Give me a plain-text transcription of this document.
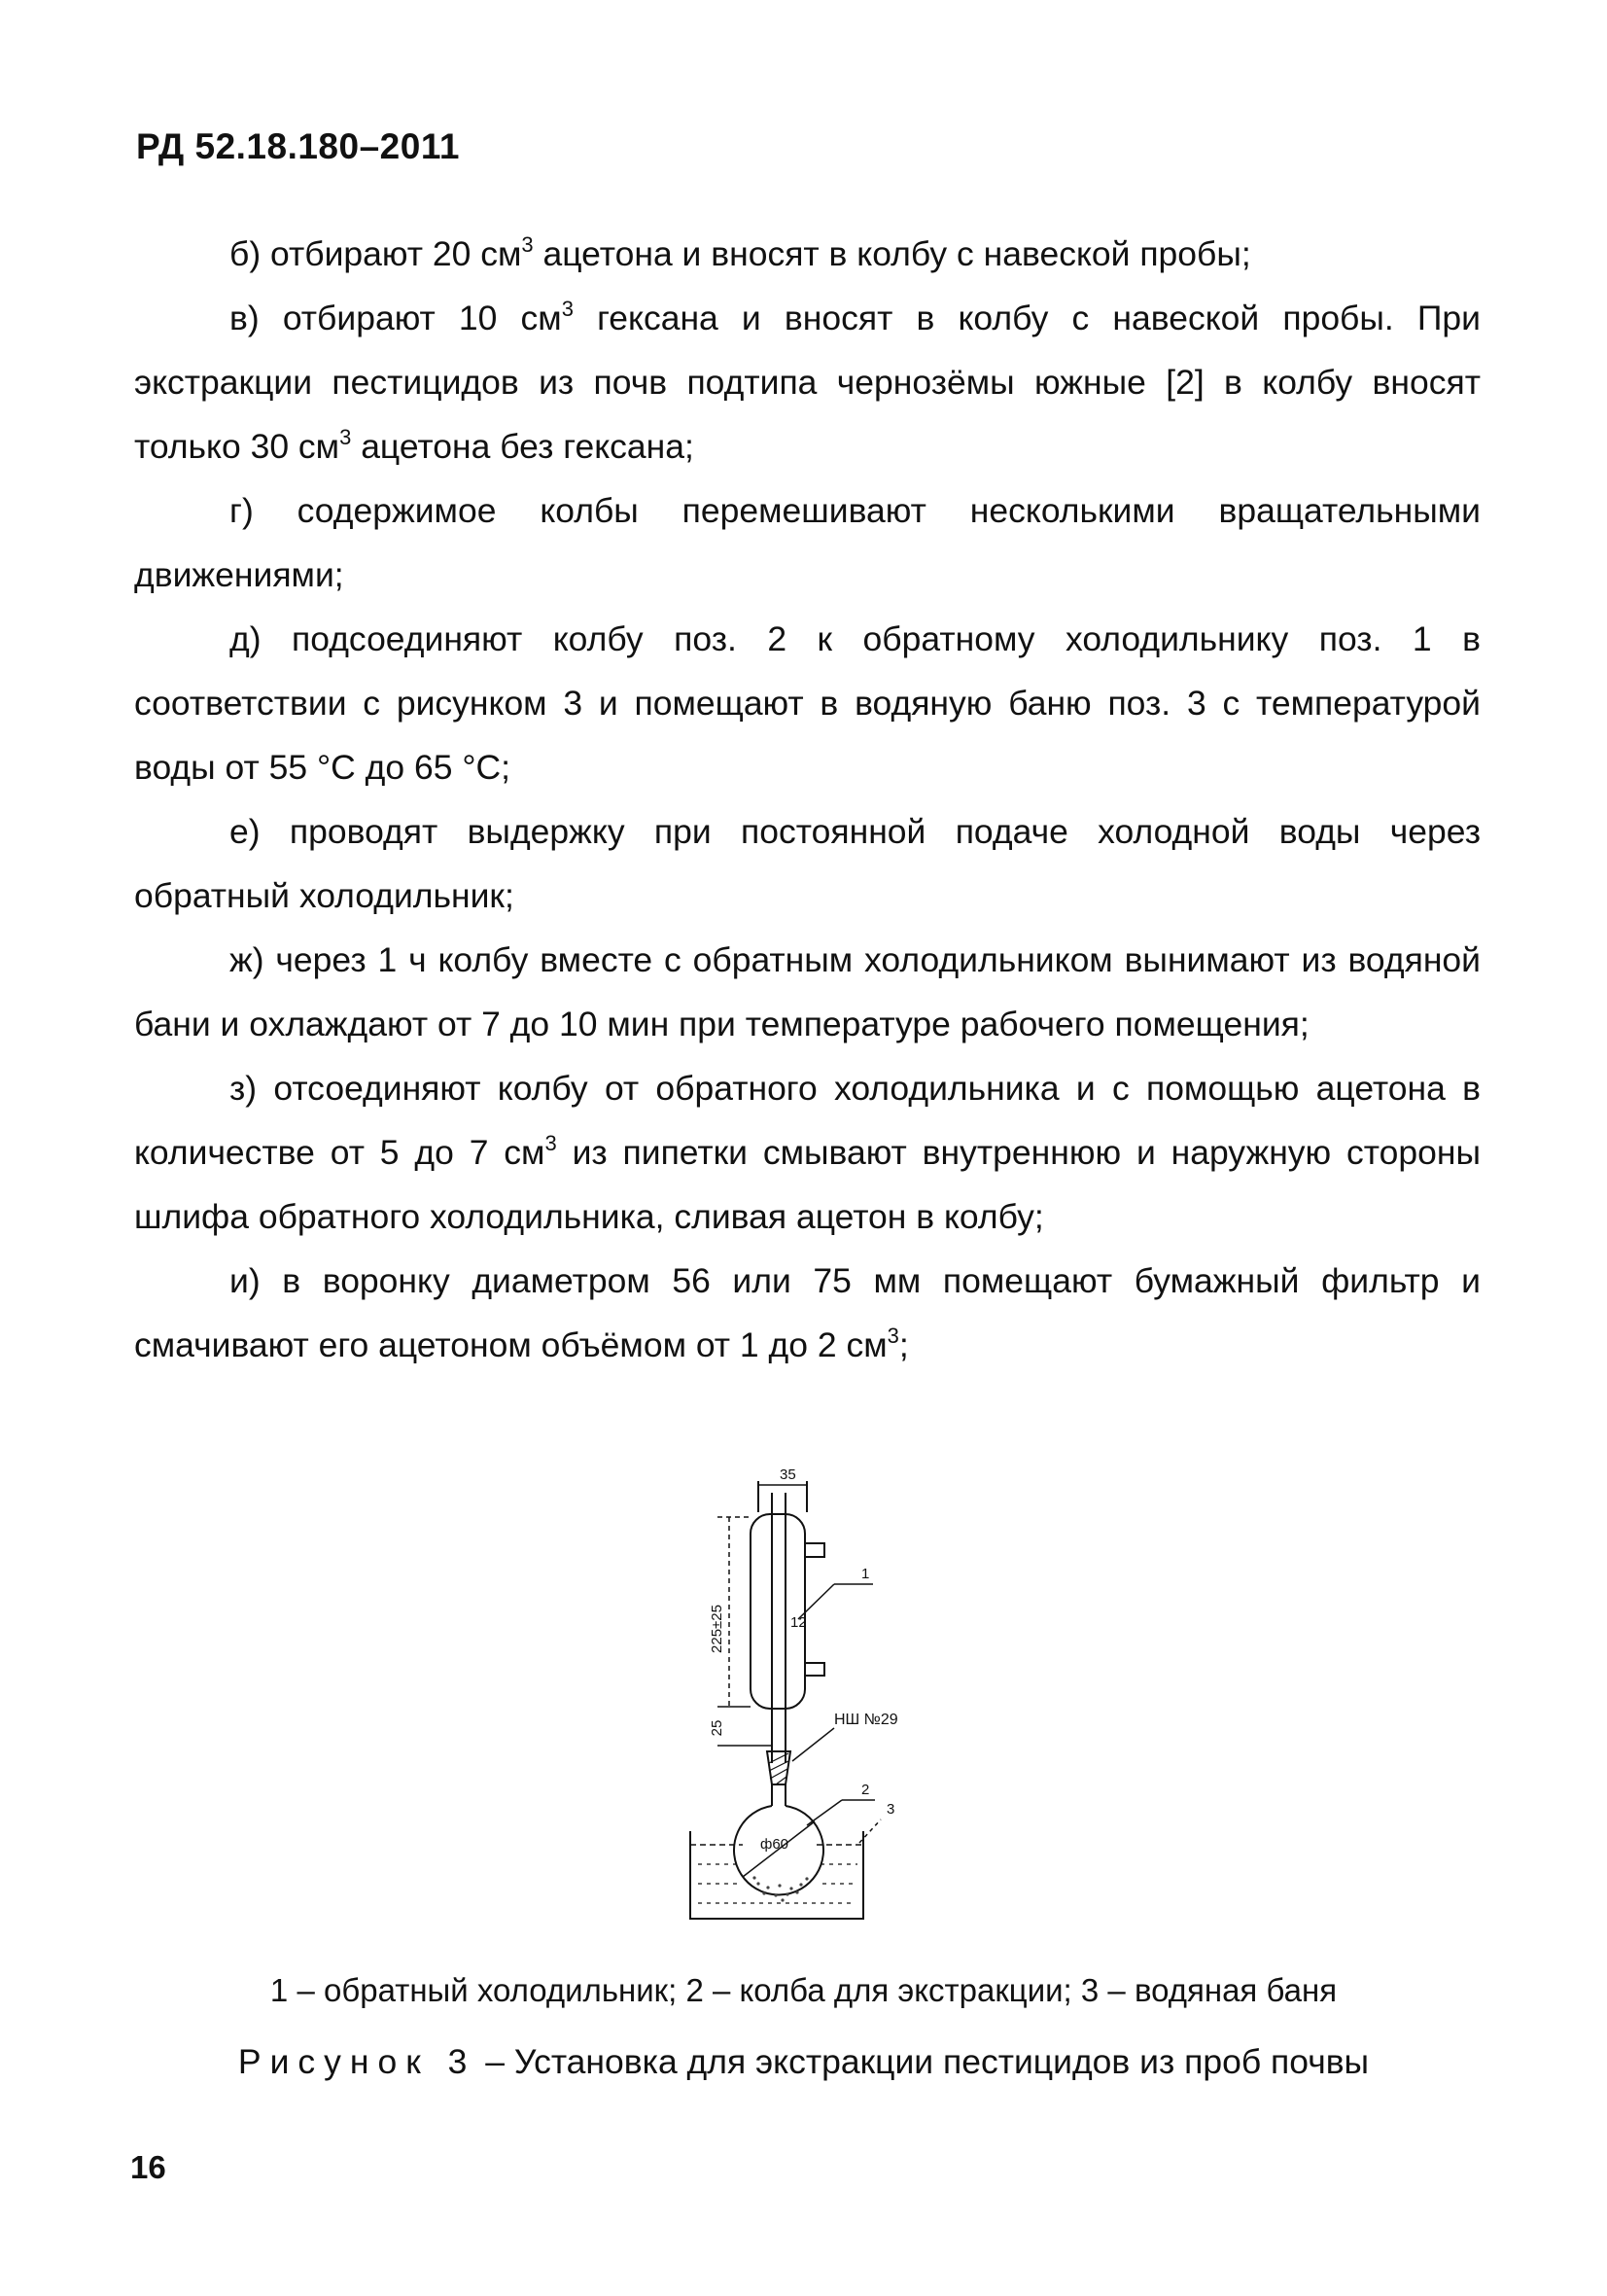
РД 52.18.180–2011

б) отбирают 20 $см^3$ ацетона и вносят в колбу с навеской пробы;

в) отбирают 10 $см^3$ гексана и вносят в колбу с навеской пробы. При экстракции пестицидов из почв подтипа чернозёмы южные [2] в колбу вносят только 30 $см^3$ ацетона без гексана;

г) содержимое колбы перемешивают несколькими вращательными движениями;

д) подсоединяют колбу поз. 2 к обратному холодильнику поз. 1 в соответствии с рисунком 3 и помещают в водяную баню поз. 3 с температурой воды от 55 °С до 65 °С;

е) проводят выдержку при постоянной подаче холодной воды через обратный холодильник;

ж) через 1 ч колбу вместе с обратным холодильником вынимают из водяной бани и охлаждают от 7 до 10 мин при температуре рабочего помещения;

з) отсоединяют колбу от обратного холодильника и с помощью ацетона в количестве от 5 до 7 $см^3$ из пипетки смывают внутреннюю и наружную стороны шлифа обратного холодильника, сливая ацетон в колбу;

и) в воронку диаметром 56 или 75 мм помещают бумажный фильтр и смачивают его ацетоном объёмом от 1 до 2 $см^3$;

35
12
225±25
25	НШ №29
ф60
1
2
3
1 – обратный холодильник; 2 – колба для экстракции; 3 – водяная баня
Рисунок 3 – Установка для экстракции пестицидов из проб почвы
16
